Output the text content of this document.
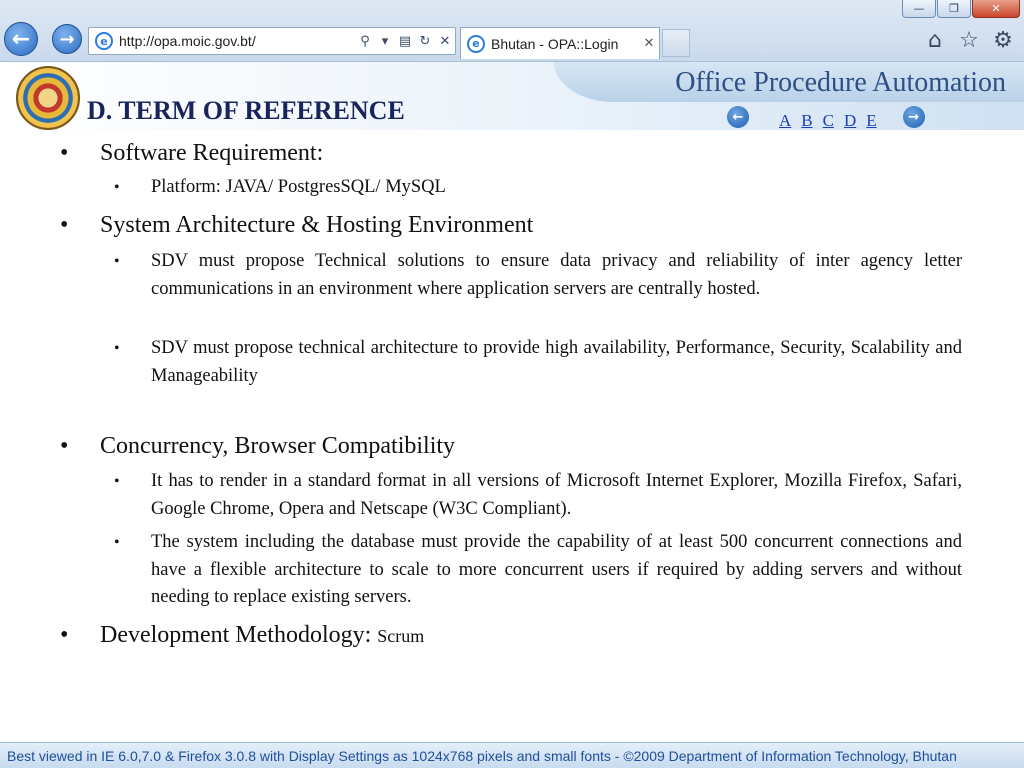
—	❐	✕
← →	e http://opa.moic.gov.bt/	⚲ ▾ ▤ ↻ ✕	e Bhutan - OPA::Login	✕	⌂ ☆ ⚙
Office Procedure Automation
D. TERM OF REFERENCE	←	A B C D E	→
• Software Requirement:
• Platform: JAVA/ PostgresSQL/ MySQL
• System Architecture & Hosting Environment
• SDV must propose Technical solutions to ensure data privacy and reliability of inter agency letter communications in an environment where application servers are centrally hosted.
• SDV must propose technical architecture to provide high availability, Performance, Security, Scalability and Manageability
• Concurrency, Browser Compatibility
• It has to render in a standard format in all versions of Microsoft Internet Explorer, Mozilla Firefox, Safari, Google Chrome, Opera and Netscape (W3C Compliant).
• The system including the database must provide the capability of at least 500 concurrent connections and have a flexible architecture to scale to more concurrent users if required by adding servers and without needing to replace existing servers.
• Development Methodology: Scrum
Best viewed in IE 6.0,7.0 & Firefox 3.0.8 with Display Settings as 1024x768 pixels and small fonts - ©2009 Department of Information Technology, Bhutan
